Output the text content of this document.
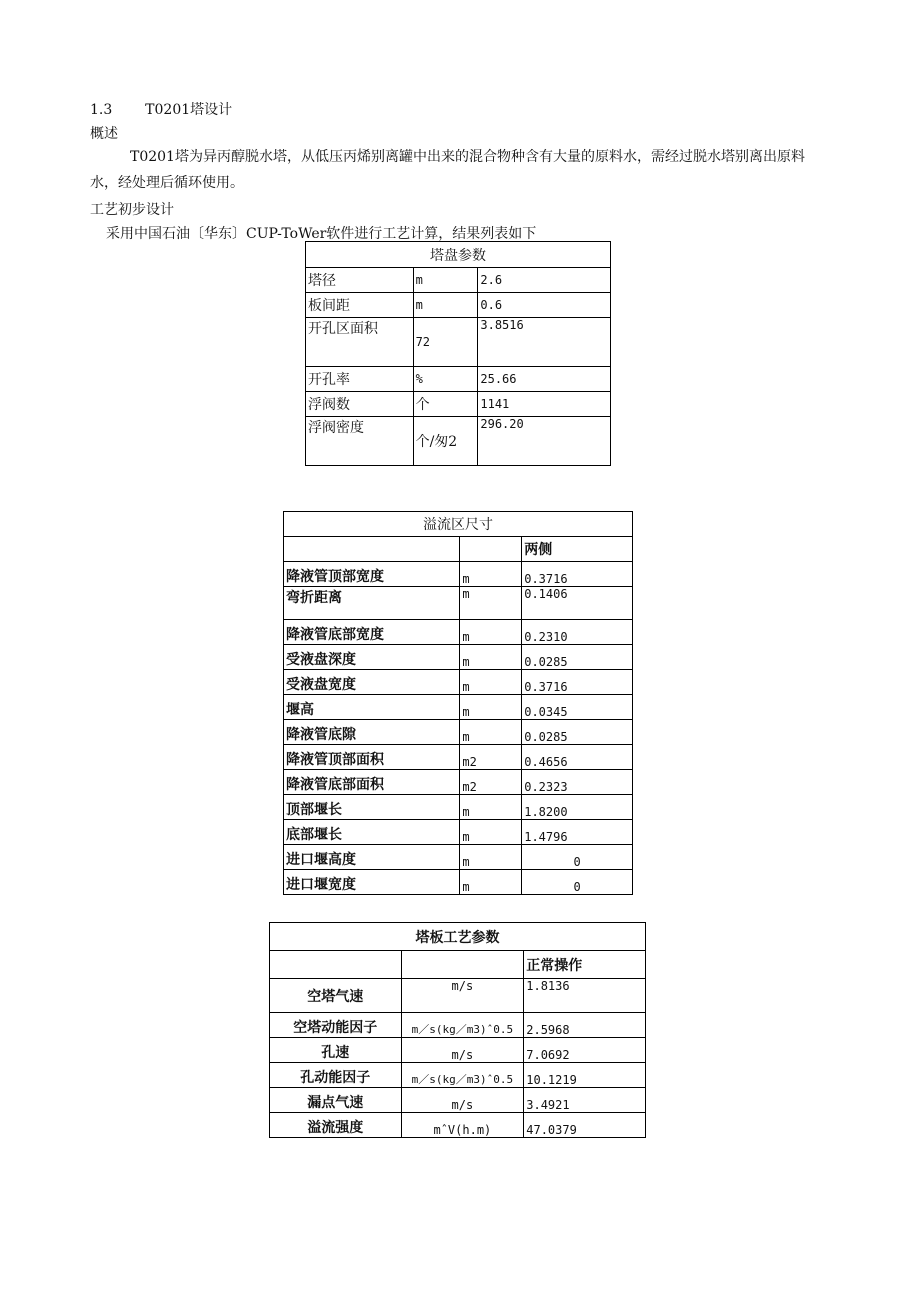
1.3 T0201塔设计
概述
T0201塔为异丙醇脱水塔，从低压丙烯别离罐中出来的混合物种含有大量的原料水，需经过脱水塔别离出原料水，经处理后循环使用。
工艺初步设计
采用中国石油〔华东〕CUP-ToWer软件进行工艺计算，结果列表如下
塔盘参数		
塔径	m	2.6
板间距	m	0.6
开孔区面积	72	3.8516
开孔率	%	25.66
浮阀数	个	1141
浮阀密度	个/匆2	296.20
溢流区尺寸		
		两侧
降液管顶部宽度	m	0.3716
弯折距离	m	0.1406
降液管底部宽度	m	0.2310
受液盘深度	m	0.0285
受液盘宽度	m	0.3716
堰高	m	0.0345
降液管底隙	m	0.0285
降液管顶部面积	m2	0.4656
降液管底部面积	m2	0.2323
顶部堰长	m	1.8200
底部堰长	m	1.4796
进口堰高度	m	0
进口堰宽度	m	0
塔板工艺参数		
		正常操作
空塔气速	m/s	1.8136
空塔动能因子	m／s(kg／m3)ˆ0.5	2.5968
孔速	m/s	7.0692
孔动能因子	m／s(kg／m3)ˆ0.5	10.1219
漏点气速	m/s	3.4921
溢流强度	mˆV(h.m)	47.0379
